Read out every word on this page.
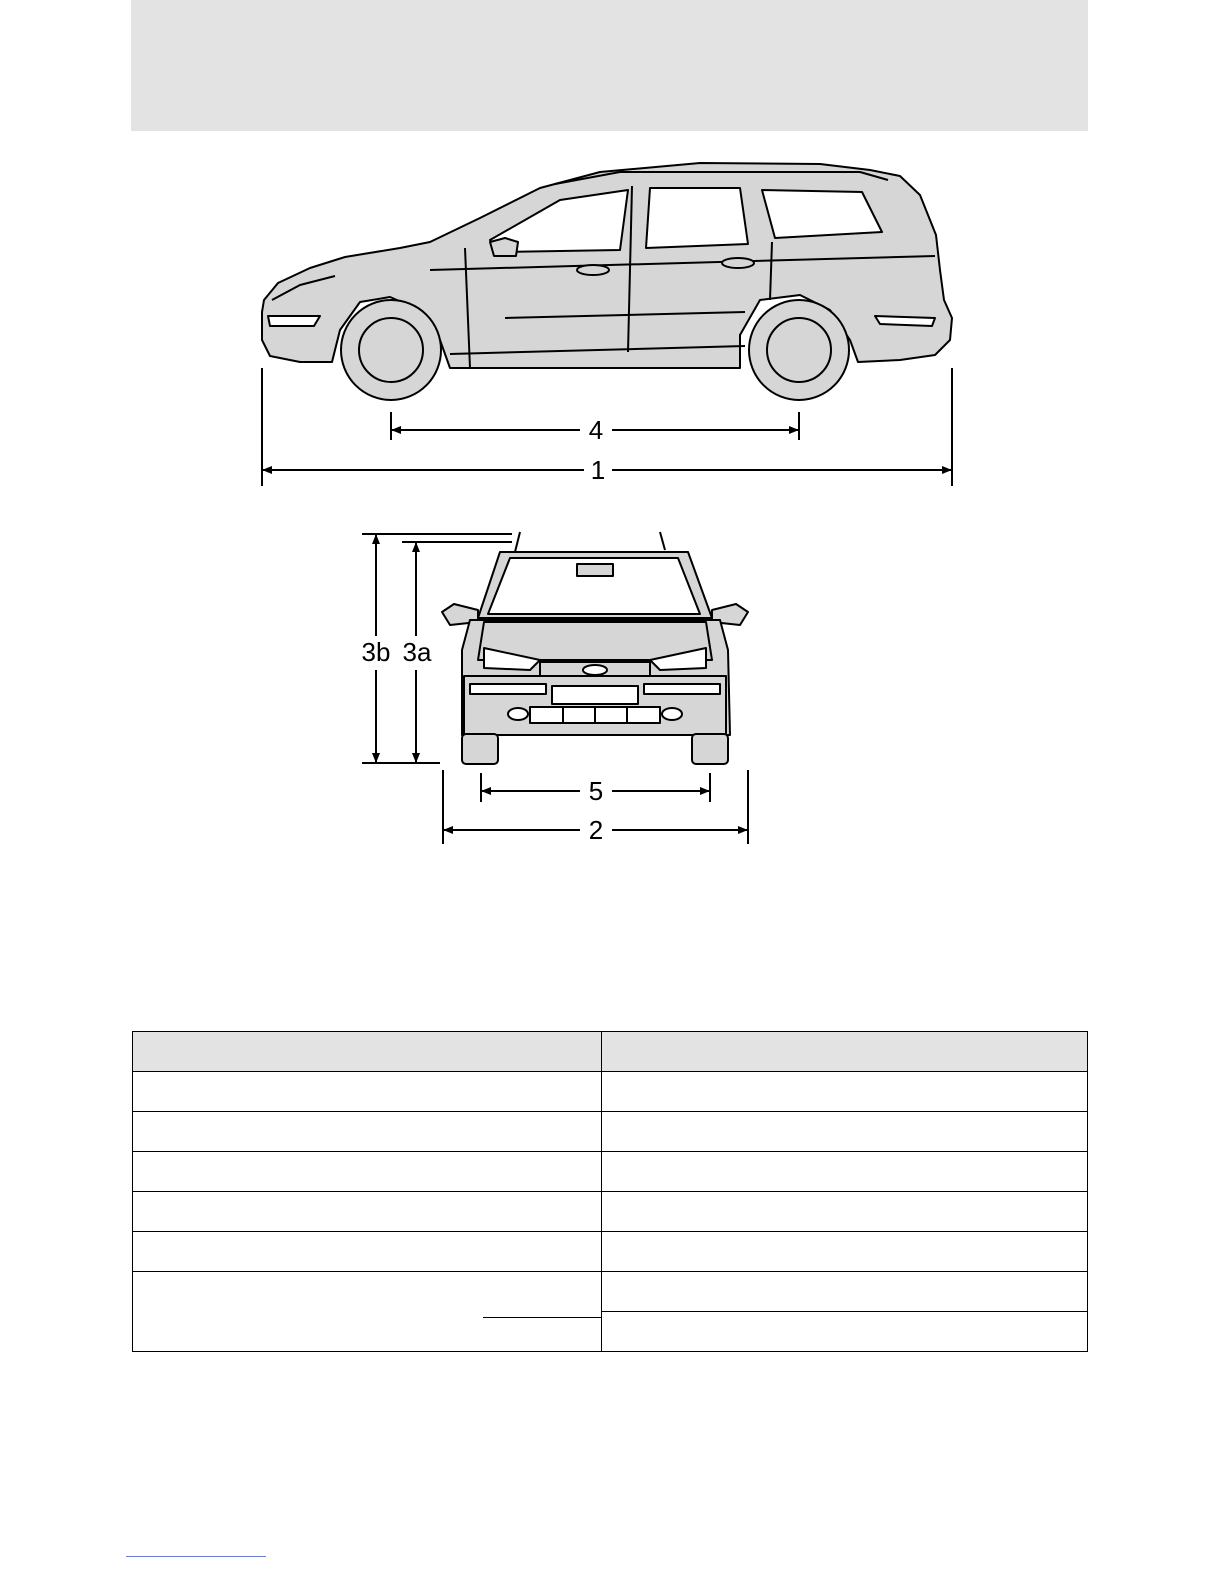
4
1
3b 3a
5
2
